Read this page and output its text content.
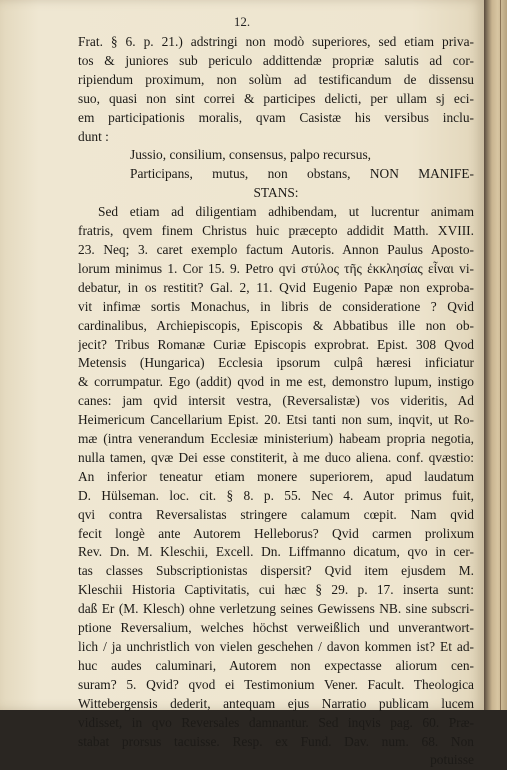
12.
Frat. § 6. p. 21.) adstringi non modò superiores, sed etiam priva-
tos & juniores sub periculo addittendæ propriæ salutis ad cor-
ripiendum proximum, non solùm ad testificandum de dissensu
suo, quasi non sint correi & participes delicti, per ullam sj eci-
em participationis moralis, qvam Casistæ his versibus inclu-
dunt :
Jussio, consilium, consensus, palpo recursus,
Participans, mutus, non obstans, NON MANIFE-
STANS:
Sed etiam ad diligentiam adhibendam, ut lucrentur animam
fratris, qvem finem Christus huic præcepto addidit Matth. XVIII.
23. Neq; 3. caret exemplo factum Autoris. Annon Paulus Aposto-
lorum minimus 1. Cor 15. 9. Petro qvi στύλος τῆς ἐκκλησίας εἶναι vi-
debatur, in os restitit? Gal. 2, 11. Qvid Eugenio Papæ non exproba-
vit infimæ sortis Monachus, in libris de consideratione ? Qvid
cardinalibus, Archiepiscopis, Episcopis & Abbatibus ille non ob-
jecit? Tribus Romanæ Curiæ Episcopis exprobrat. Epist. 308 Qvod
Metensis (Hungarica) Ecclesia ipsorum culpâ hæresi inficiatur
& corrumpatur. Ego (addit) qvod in me est, demonstro lupum, instigo
canes: jam qvid intersit vestra, (Reversalistæ) vos videritis, Ad
Heimericum Cancellarium Epist. 20. Etsi tanti non sum, inqvit, ut Ro-
mæ (intra venerandum Ecclesiæ ministerium) habeam propria negotia,
nulla tamen, qvæ Dei esse constiterit, à me duco aliena. conf. qvæstio:
An inferior teneatur etiam monere superiorem, apud laudatum
D. Hülseman. loc. cit. § 8. p. 55. Nec 4. Autor primus fuit,
qvi contra Reversalistas stringere calamum cœpit. Nam qvid
fecit longè ante Autorem Helleborus? Qvid carmen prolixum
Rev. Dn. M. Kleschii, Excell. Dn. Liffmanno dicatum, qvo in cer-
tas classes Subscriptionistas dispersit? Qvid item ejusdem M.
Kleschii Historia Captivitatis, cui hæc § 29. p. 17. inserta sunt:
daß Er (M. Klesch) ohne verletzung seines Gewissens NB. sine subscri-
ptione Reversalium, welches höchst verweißlich und unverantwort-
lich / ja unchristlich von vielen geschehen / davon kommen ist? Et ad-
huc audes caluminari, Autorem non expectasse aliorum cen-
suram? 5. Qvid? qvod ei Testimonium Vener. Facult. Theologica
Wittebergensis dederit, antequam ejus Narratio publicam lucem
vidisset, in qvo Reversales damnantur. Sed inqvis pag. 60. Præ-
stabat prorsus tacuisse. Resp. ex Fund. Dav. num. 68. Non
potuisse
